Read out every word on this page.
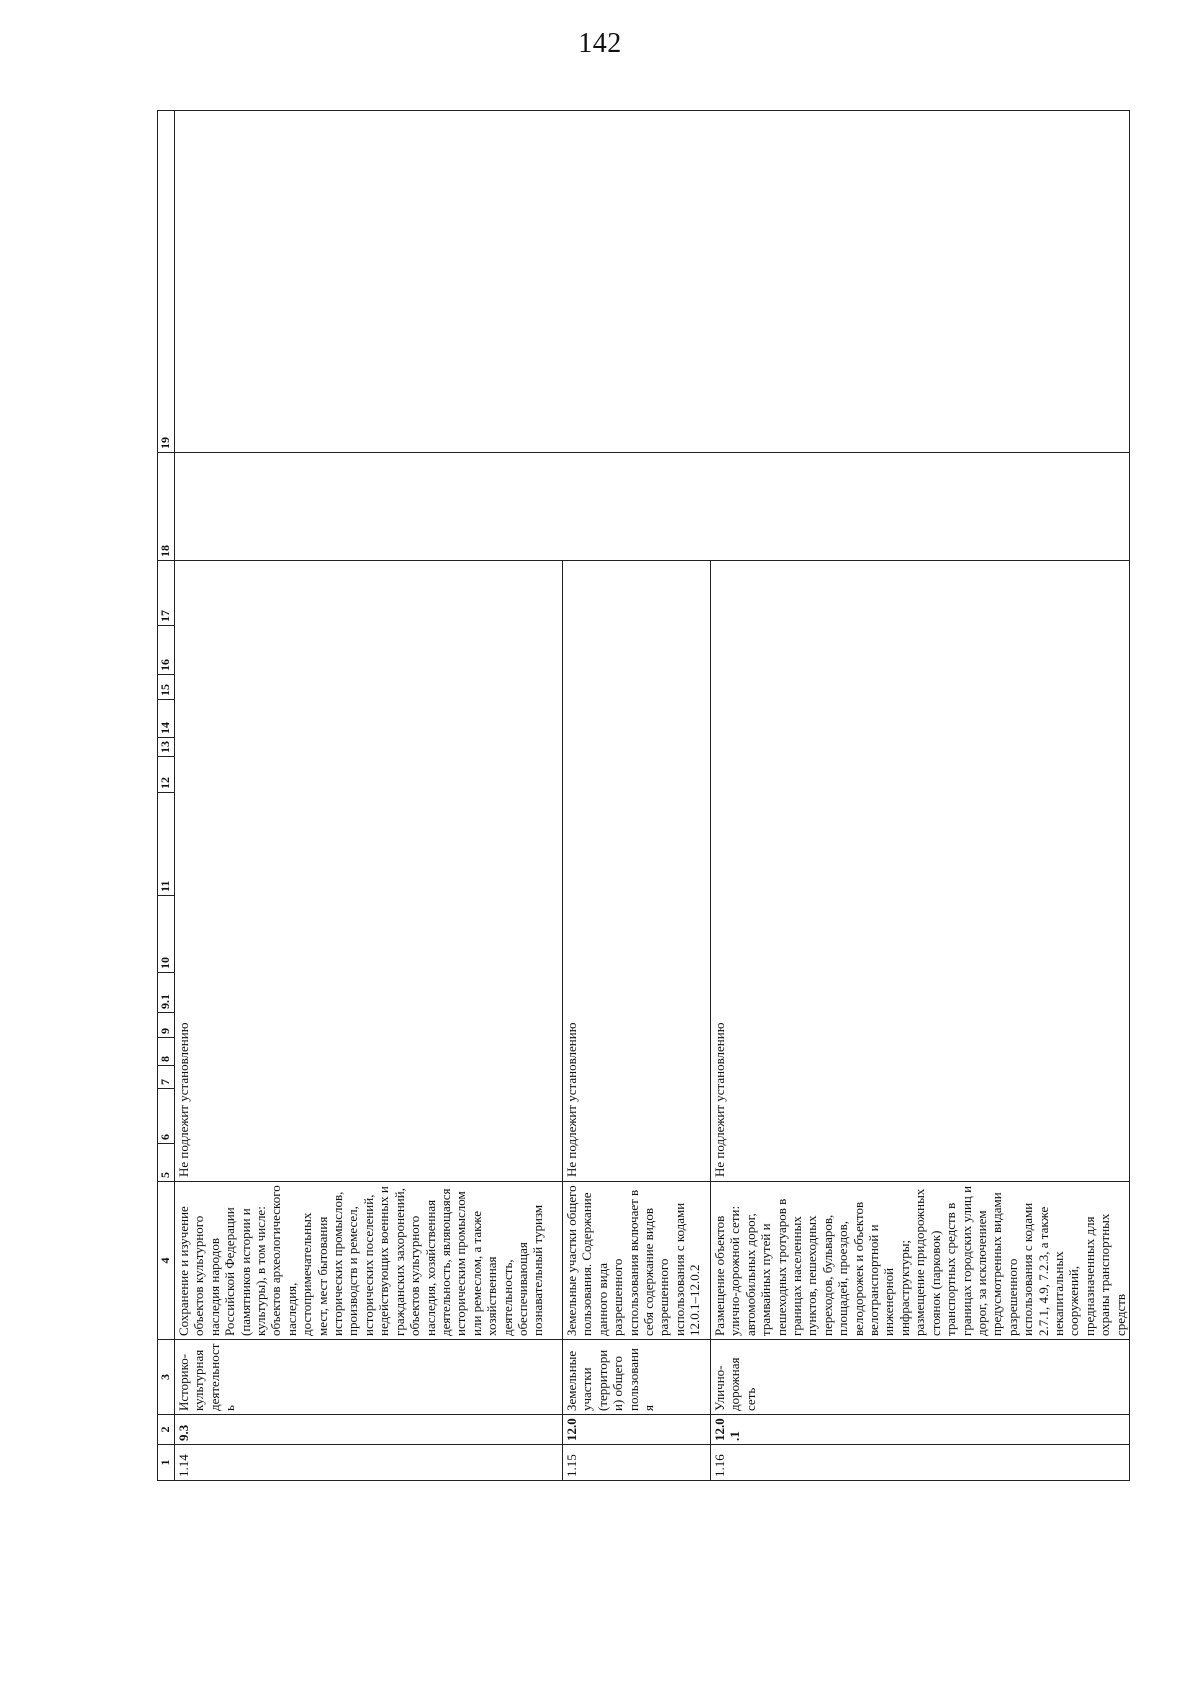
142
1	2	3	4	5	6	7	8	9	9.1	10	11	12	13	14	15	16	17	18	19
1.14	9.3	Историко-культурная деятельность	Сохранение и изучение объектов культурного наследия народов Российской Федерации (памятников истории и культуры), в том числе: объектов археологического наследия, достопримечательных мест, мест бытования исторических промыслов, производств и ремесел, исторических поселений, недействующих военных и гражданских захоронений, объектов культурного наследия, хозяйственная деятельность, являющаяся историческим промыслом или ремеслом, а также хозяйственная деятельность, обеспечивающая познавательный туризм	Не подлежит установлению															
1.15	12.0	Земельные участки (территории) общего пользования	Земельные участки общего пользования. Содержание данного вида разрешенного использования включает в себя содержание видов разрешенного использования с кодами 12.0.1–12.0.2	Не подлежит установлению															
1.16	12.0.1	Улично-дорожная сеть	Размещение объектов улично-дорожной сети: автомобильных дорог, трамвайных путей и пешеходных тротуаров в границах населенных пунктов, пешеходных переходов, бульваров, площадей, проездов, велодорожек и объектов велотранспортной и инженерной инфраструктуры; размещение придорожных стоянок (парковок) транспортных средств в границах городских улиц и дорог, за исключением предусмотренных видами разрешенного использования с кодами 2.7.1, 4.9, 7.2.3, а также некапитальных сооружений, предназначенных для охраны транспортных средств	Не подлежит установлению															
